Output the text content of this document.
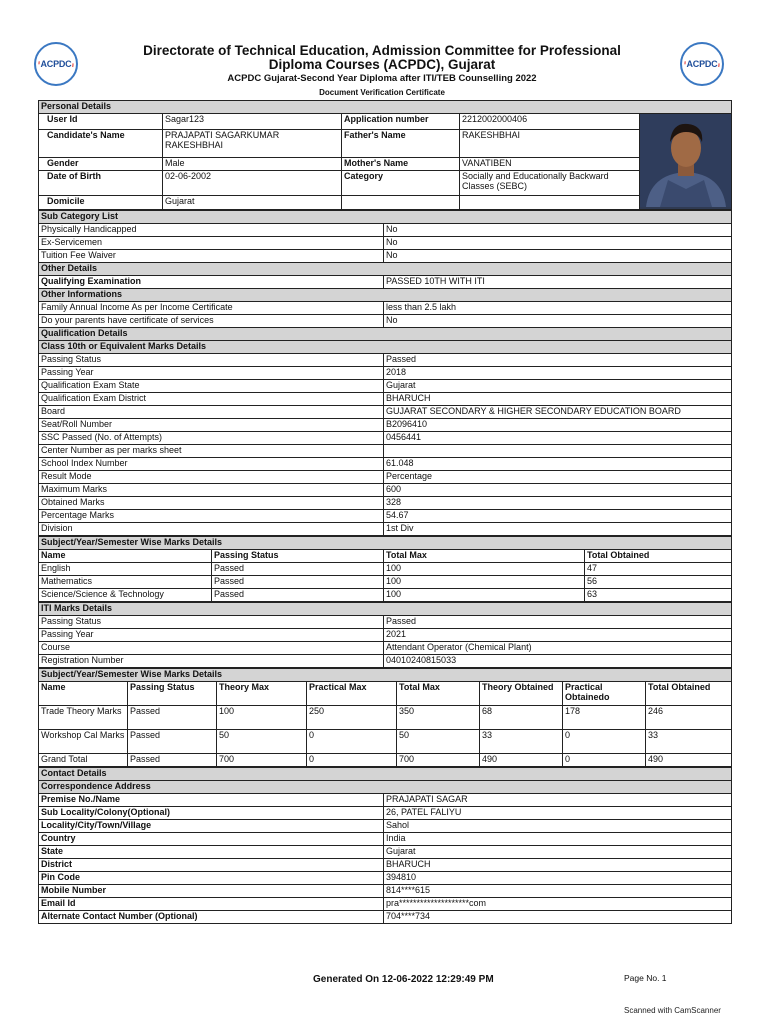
ACPDC	ACPDC
Directorate of Technical Education, Admission Committee for Professional
Diploma Courses (ACPDC), Gujarat
ACPDC Gujarat-Second Year Diploma after ITI/TEB Counselling 2022
Document Verification Certificate
Personal Details				
User Id	Sagar123	Application number	2212002000406	
Candidate's Name	PRAJAPATI SAGARKUMAR RAKESHBHAI	Father's Name	RAKESHBHAI	
Gender	Male	Mother's Name	VANATIBEN	
Date of Birth	02-06-2002	Category	Socially and Educationally Backward Classes (SEBC)	
Domicile	Gujarat			
Sub Category List	
Physically Handicapped	No
Ex-Servicemen	No
Tuition Fee Waiver	No
Other Details	
Qualifying Examination	PASSED 10TH WITH ITI
Other Informations	
Family Annual Income As per Income Certificate	less than 2.5 lakh
Do your parents have certificate of services	No
Qualification Details	
Class 10th or Equivalent Marks Details	
Passing Status	Passed
Passing Year	2018
Qualification Exam State	Gujarat
Qualification Exam District	BHARUCH
Board	GUJARAT SECONDARY & HIGHER SECONDARY EDUCATION BOARD
Seat/Roll Number	B2096410
SSC Passed (No. of Attempts)	0456441
Center Number as per marks sheet	
School Index Number	61.048
Result Mode	Percentage
Maximum Marks	600
Obtained Marks	328
Percentage Marks	54.67
Division	1st Div
Subject/Year/Semester Wise Marks Details			
Name	Passing Status	Total Max	Total Obtained
English	Passed	100	47
Mathematics	Passed	100	56
Science/Science & Technology	Passed	100	63
ITI Marks Details	
Passing Status	Passed
Passing Year	2021
Course	Attendant Operator (Chemical Plant)
Registration Number	04010240815033
Subject/Year/Semester Wise Marks Details							
Name	Passing Status	Theory Max	Practical Max	Total Max	Theory Obtained	Practical Obtainedo	Total Obtained
Trade Theory Marks	Passed	100	250	350	68	178	246
Workshop Cal Marks	Passed	50	0	50	33	0	33
Grand Total	Passed	700	0	700	490	0	490
Contact Details	
Correspondence Address	
Premise No./Name	PRAJAPATI SAGAR
Sub Locality/Colony(Optional)	26, PATEL FALIYU
Locality/City/Town/Village	Sahol
Country	India
State	Gujarat
District	BHARUCH
Pin Code	394810
Mobile Number	814****615
Email Id	pra********************com
Alternate Contact Number (Optional)	704****734
Generated On 12-06-2022 12:29:49 PM	Page No. 1
Scanned with CamScanner
